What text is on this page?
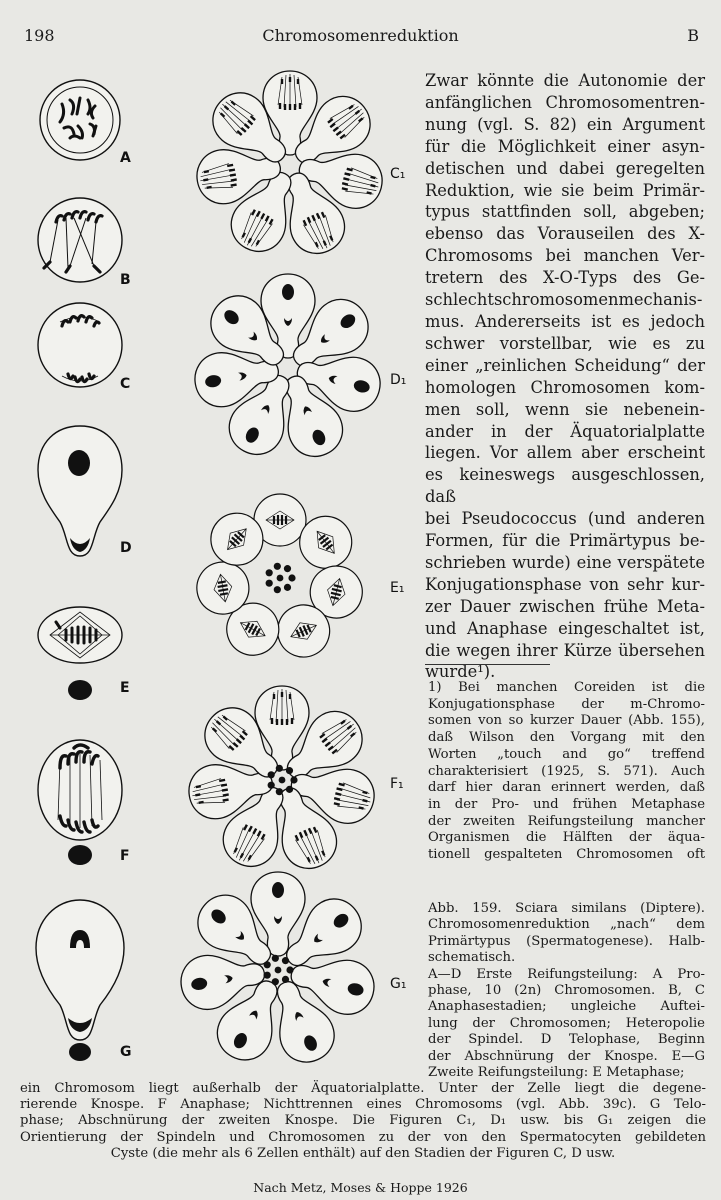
198	Chromosomenreduktion	B
A
B
C
D
E
F
G
C₁
D₁
E₁
F₁
G₁
Zwar könnte die Autonomie der
anfänglichen Chromosomentren-
nung (vgl. S. 82) ein Argument
für die Möglichkeit einer asyn-
detischen und dabei geregelten
Reduktion, wie sie beim Primär-
typus stattfinden soll, abgeben;
ebenso das Vorauseilen des X-
Chromosoms bei manchen Ver-
tretern des X-O-Typs des Ge-
schlechtschromosomenmechanis-
mus. Andererseits ist es jedoch
schwer vorstellbar, wie es zu
einer „reinlichen Scheidung“ der
homologen Chromosomen kom-
men soll, wenn sie nebenein-
ander in der Äquatorialplatte
liegen. Vor allem aber erscheint
es keineswegs ausgeschlossen, daß
bei Pseudococcus (und anderen
Formen, für die Primärtypus be-
schrieben wurde) eine verspätete
Konjugationsphase von sehr kur-
zer Dauer zwischen frühe Meta-
und Anaphase eingeschaltet ist,
die wegen ihrer Kürze übersehen
wurde¹).
1) Bei manchen Coreiden ist die
Konjugationsphase der m-Chromo-
somen von so kurzer Dauer (Abb. 155),
daß Wilson den Vorgang mit den
Worten „touch and go“ treffend
charakterisiert (1925, S. 571). Auch
darf hier daran erinnert werden, daß
in der Pro- und frühen Metaphase
der zweiten Reifungsteilung mancher
Organismen die Hälften der äqua-
tionell gespalteten Chromosomen oft
Abb. 159. Sciara similans (Diptere).
Chromosomenreduktion „nach“ dem
Primärtypus (Spermatogenese). Halb-
schematisch.
A—D Erste Reifungsteilung: A Pro-
phase, 10 (2n) Chromosomen. B, C
Anaphasestadien; ungleiche Auftei-
lung der Chromosomen; Heteropolie
der Spindel. D Telophase, Beginn
der Abschnürung der Knospe. E—G
Zweite Reifungsteilung: E Metaphase;
ein Chromosom liegt außerhalb der Äquatorialplatte. Unter der Zelle liegt die degene-
rierende Knospe. F Anaphase; Nichttrennen eines Chromosoms (vgl. Abb. 39c). G Telo-
phase; Abschnürung der zweiten Knospe. Die Figuren C₁, D₁ usw. bis G₁ zeigen die
Orientierung der Spindeln und Chromosomen zu der von den Spermatocyten gebildeten
Cyste (die mehr als 6 Zellen enthält) auf den Stadien der Figuren C, D usw.
Nach Metz, Moses & Hoppe 1926
